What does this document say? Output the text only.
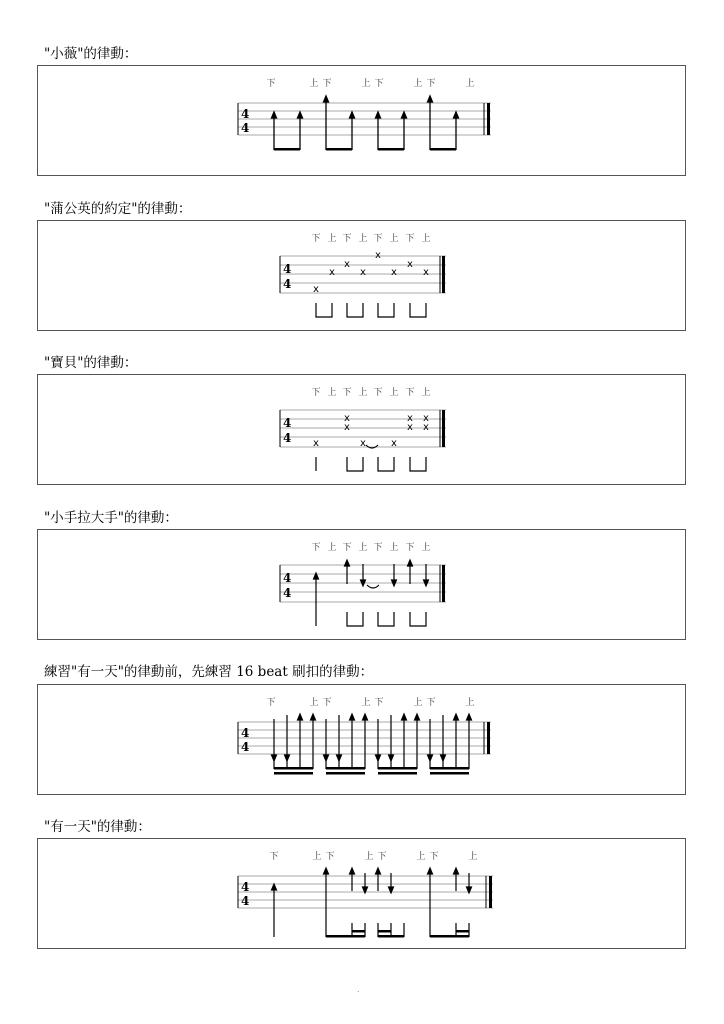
"小薇"的律動：
下	上 下	上 下	上 下	上
4
4
"蒲公英的約定"的律動：
下 上 下 上 下 上 下 上
4
4 x
x
x
x
x
x
x
x
"寶貝"的律動：
下 上 下 上 下 上 下 上
4
4 x
x
x
x	x
x
x
x
x
"小手拉大手"的律動：
下 上 下 上 下 上 下 上
4
4
練習"有一天"的律動前，先練習 16 beat 刷扣的律動：
下	上 下	上 下	上 下	上
4
4
"有一天"的律動：
下	上 下	上 下	上 下	上
4
4
.
